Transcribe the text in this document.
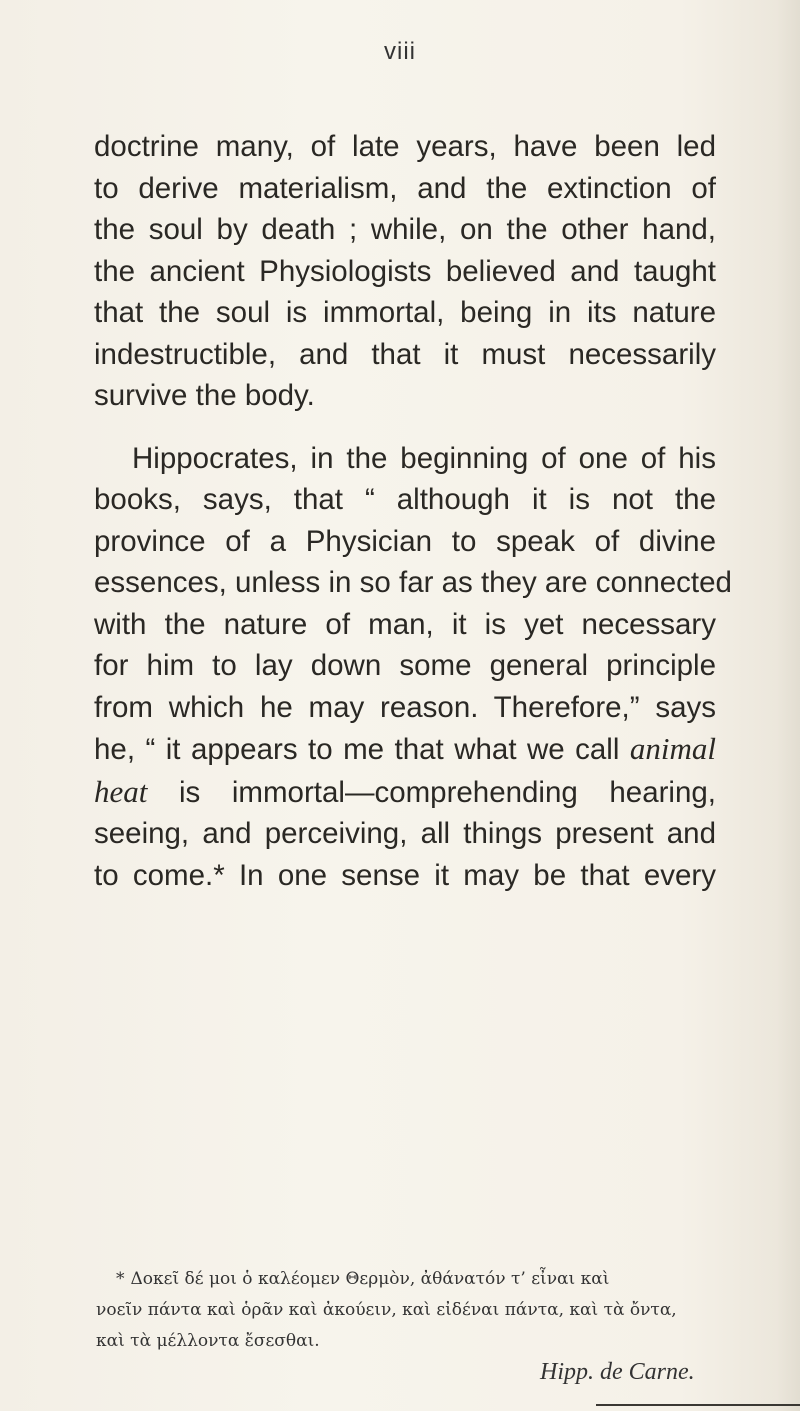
viii
doctrine many, of late years, have been led
to derive materialism, and the extinction of
the soul by death ; while, on the other hand,
the ancient Physiologists believed and taught
that the soul is immortal, being in its nature
indestructible, and that it must necessarily
survive the body.
Hippocrates, in the beginning of one of his
books, says, that “ although it is not the
province of a Physician to speak of divine
essences, unless in so far as they are connected
with the nature of man, it is yet necessary
for him to lay down some general principle
from which he may reason. Therefore,” says
he, “ it appears to me that what we call animal
heat is immortal—comprehending hearing,
seeing, and perceiving, all things present and
to come.* In one sense it may be that every
* Δοκεῖ δέ μοι ὁ καλέομεν Θερμὸν, ἀθάνατόν τ’ εἶναι καὶ
νοεῖν πάντα καὶ ὁρᾶν καὶ ἀκούειν, καὶ εἰδέναι πάντα, καὶ τὰ ὄντα,
καὶ τὰ μέλλοντα ἔσεσθαι.
Hipp. de Carne.
